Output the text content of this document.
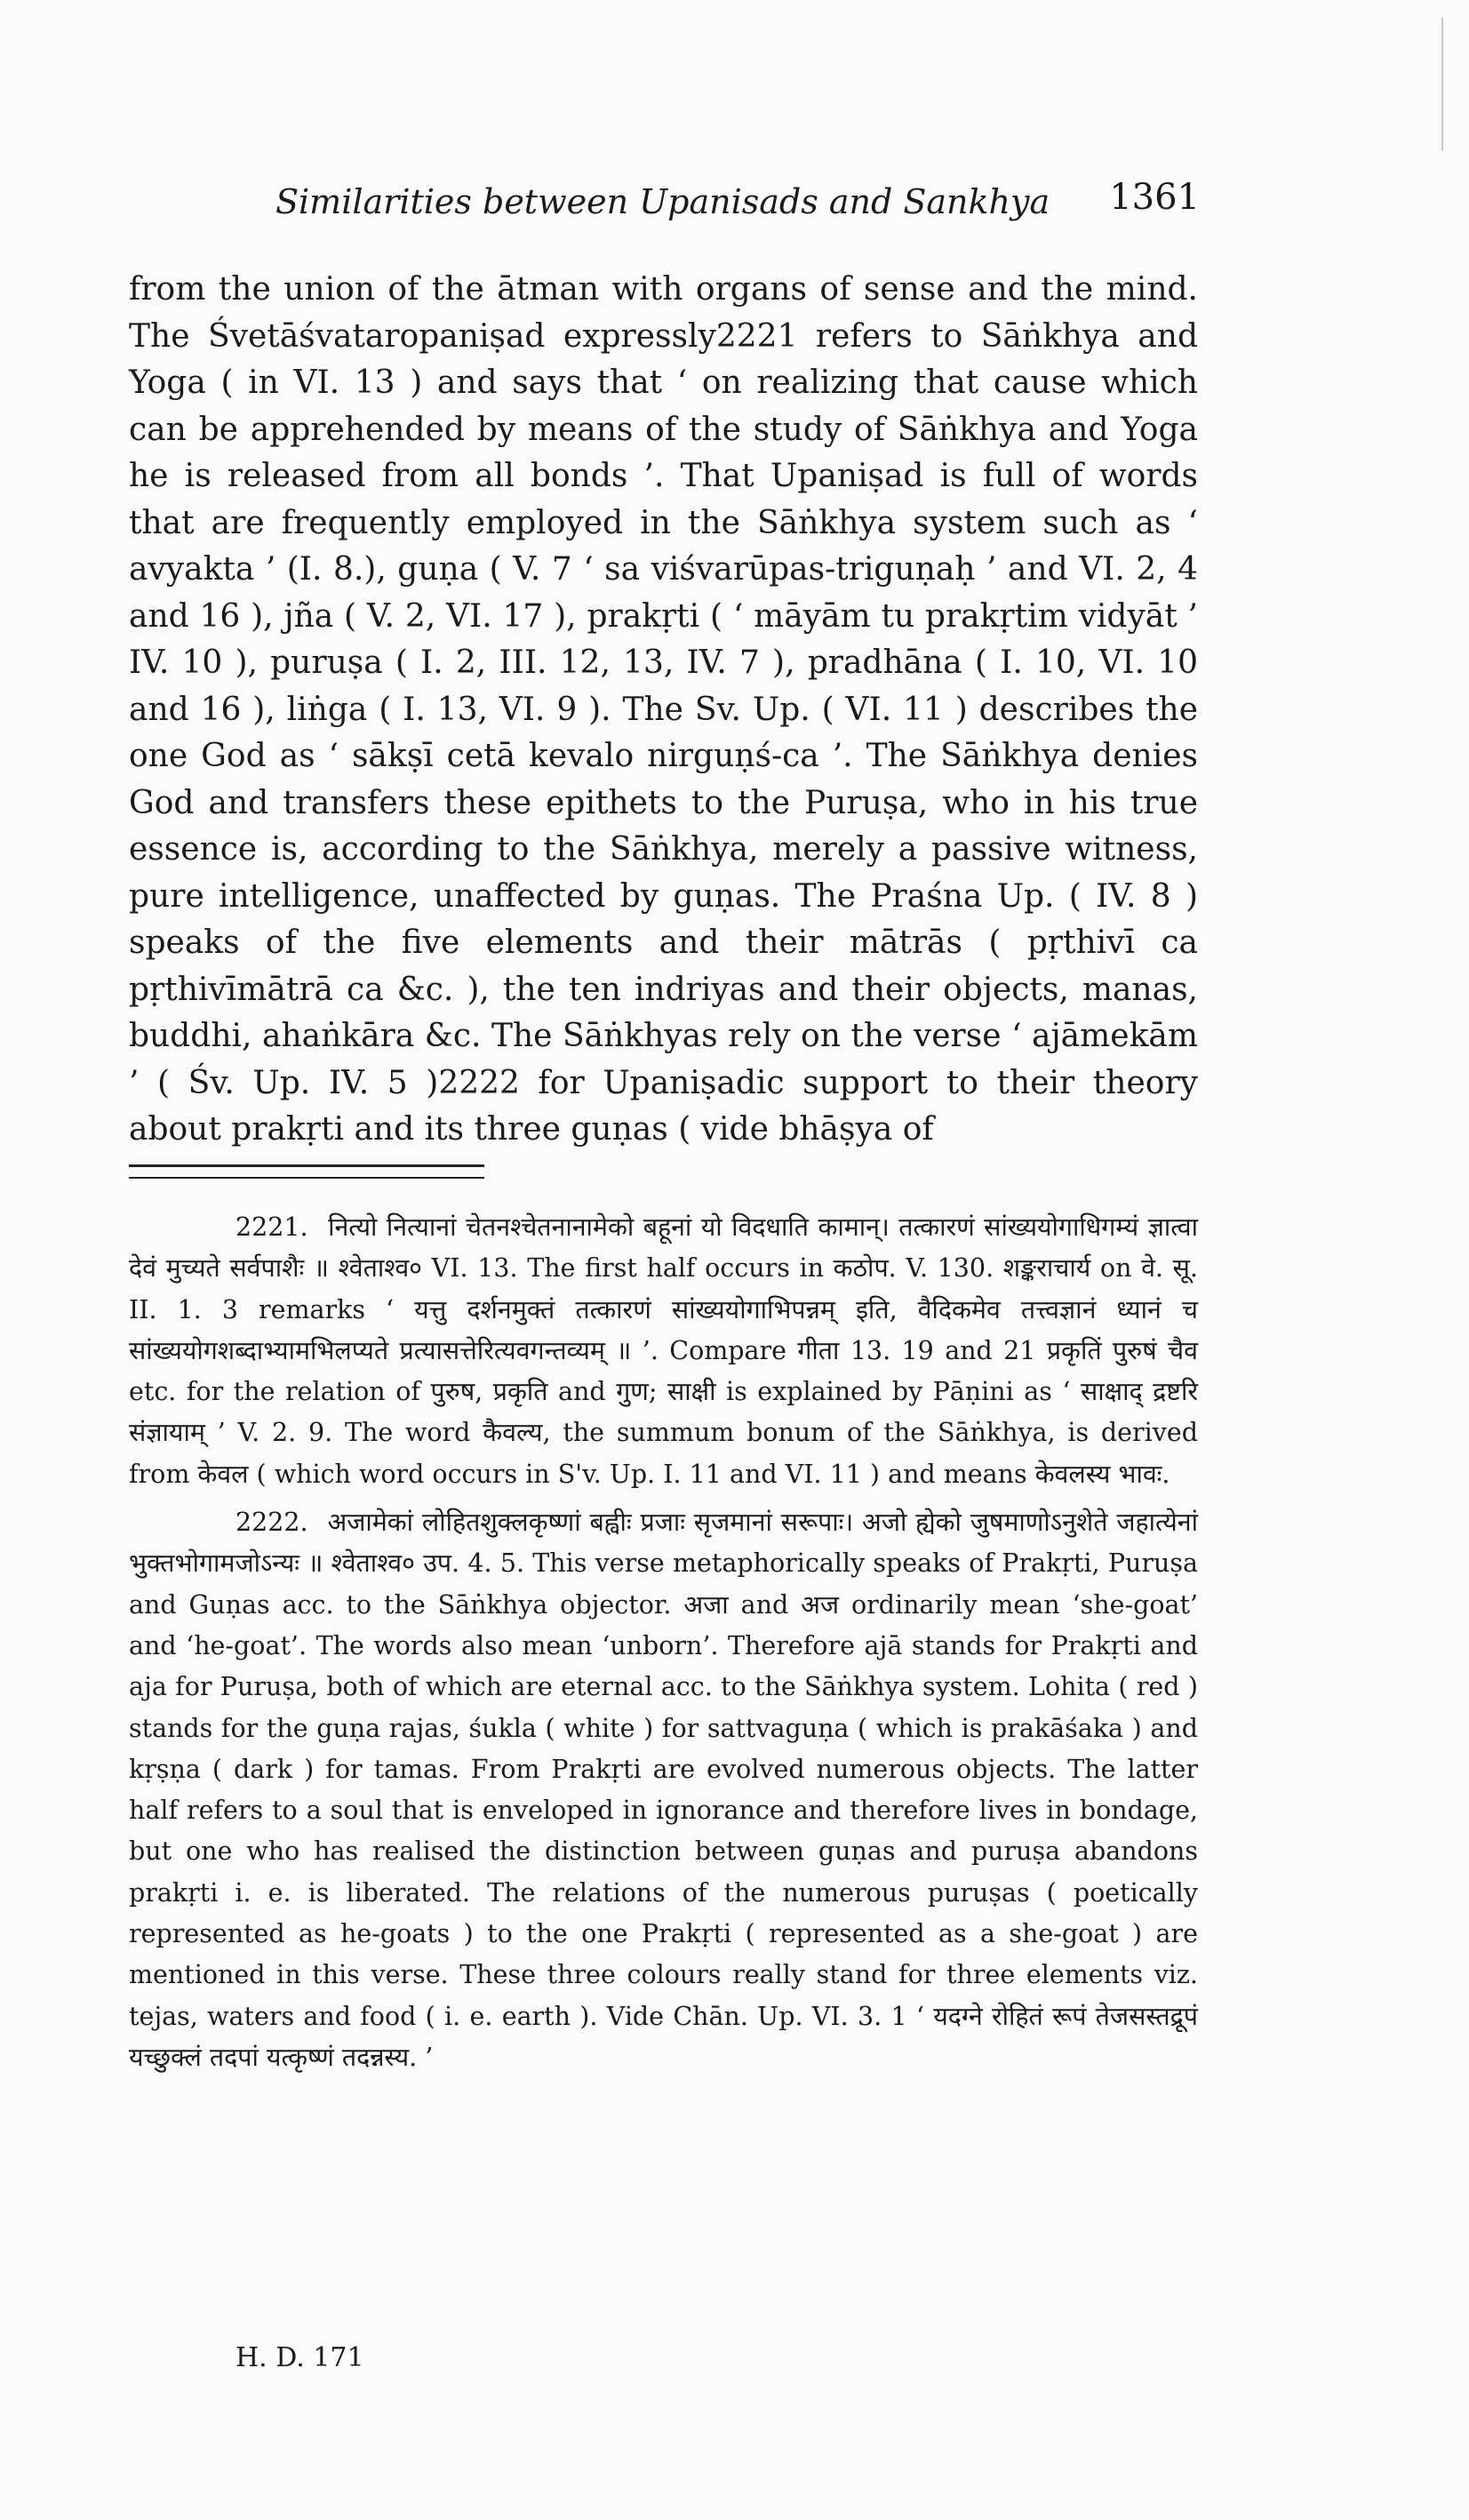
Similarities between Upanisads and Sankhya 1361

from the union of the ātman with organs of sense and the mind. The Śvetāśvataropaniṣad expressly2221 refers to Sāṅkhya and Yoga ( in VI. 13 ) and says that ‘ on realizing that cause which can be apprehended by means of the study of Sāṅkhya and Yoga he is released from all bonds ’. That Upaniṣad is full of words that are frequently employed in the Sāṅkhya system such as ‘ avyakta ’ (I. 8.), guṇa ( V. 7 ‘ sa viśvarūpas-triguṇaḥ ’ and VI. 2, 4 and 16 ), jña ( V. 2, VI. 17 ), prakṛti ( ‘ māyām tu prakṛtim vidyāt ’ IV. 10 ), puruṣa ( I. 2, III. 12, 13, IV. 7 ), pradhāna ( I. 10, VI. 10 and 16 ), liṅga ( I. 13, VI. 9 ). The Sv. Up. ( VI. 11 ) describes the one God as ‘ sākṣī cetā kevalo nirguṇś-ca ’. The Sāṅkhya denies God and transfers these epithets to the Puruṣa, who in his true essence is, according to the Sāṅkhya, merely a passive witness, pure intelligence, unaffected by guṇas. The Praśna Up. ( IV. 8 ) speaks of the five elements and their mātrās ( pṛthivī ca pṛthivīmātrā ca &c. ), the ten indriyas and their objects, manas, buddhi, ahaṅkāra &c. The Sāṅkhyas rely on the verse ‘ ajāmekām ’ ( Śv. Up. IV. 5 )2222 for Upaniṣadic support to their theory about prakṛti and its three guṇas ( vide bhāṣya of

2221. नित्यो नित्यानां चेतनश्चेतनानामेको बहूनां यो विदधाति कामान्। तत्कारणं सांख्ययोगाधिगम्यं ज्ञात्वा देवं मुच्यते सर्वपाशैः ॥ श्वेताश्व० VI. 13. The first half occurs in कठोप. V. 130. शङ्कराचार्य on वे. सू. II. 1. 3 remarks ‘ यत्तु दर्शनमुक्तं तत्कारणं सांख्ययोगाभिपन्नम् इति, वैदिकमेव तत्त्वज्ञानं ध्यानं च सांख्ययोगशब्दाभ्यामभिलप्यते प्रत्यासत्तेरित्यवगन्तव्यम् ॥ ’. Compare गीता 13. 19 and 21 प्रकृतिं पुरुषं चैव etc. for the relation of पुरुष, प्रकृति and गुण; साक्षी is explained by Pāṇini as ‘ साक्षाद् द्रष्टरि संज्ञायाम् ’ V. 2. 9. The word कैवल्य, the summum bonum of the Sāṅkhya, is derived from केवल ( which word occurs in S'v. Up. I. 11 and VI. 11 ) and means केवलस्य भावः.

2222. अजामेकां लोहितशुक्लकृष्णां बह्वीः प्रजाः सृजमानां सरूपाः। अजो ह्येको जुषमाणोऽनुशेते जहात्येनां भुक्तभोगामजोऽन्यः ॥ श्वेताश्व० उप. 4. 5. This verse metaphorically speaks of Prakṛti, Puruṣa and Guṇas acc. to the Sāṅkhya objector. अजा and अज ordinarily mean ‘she-goat’ and ‘he-goat’. The words also mean ‘unborn’. Therefore ajā stands for Prakṛti and aja for Puruṣa, both of which are eternal acc. to the Sāṅkhya system. Lohita ( red ) stands for the guṇa rajas, śukla ( white ) for sattvaguṇa ( which is prakāśaka ) and kṛṣṇa ( dark ) for tamas. From Prakṛti are evolved numerous objects. The latter half refers to a soul that is enveloped in ignorance and therefore lives in bondage, but one who has realised the distinction between guṇas and puruṣa abandons prakṛti i. e. is liberated. The relations of the numerous puruṣas ( poetically represented as he-goats ) to the one Prakṛti ( represented as a she-goat ) are mentioned in this verse. These three colours really stand for three elements viz. tejas, waters and food ( i. e. earth ). Vide Chān. Up. VI. 3. 1 ‘ यदग्ने रोहितं रूपं तेजसस्तद्रूपं यच्छुक्लं तदपां यत्कृष्णं तदन्नस्य. ’

H. D. 171
